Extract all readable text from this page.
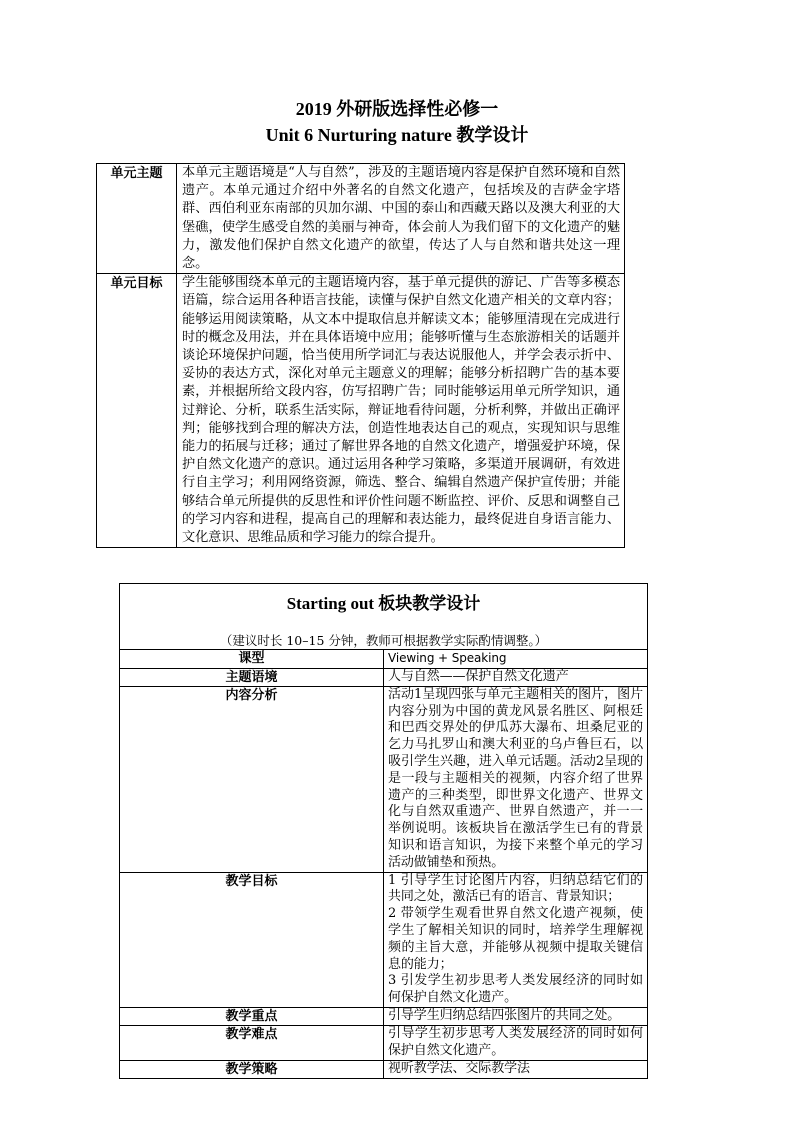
2019 外研版选择性必修一
Unit 6 Nurturing nature 教学设计
单元主题	本单元主题语境是“人与自然”，涉及的主题语境内容是保护自然环境和自然遗产。本单元通过介绍中外著名的自然文化遗产，包括埃及的吉萨金字塔群、西伯利亚东南部的贝加尔湖、中国的泰山和西藏天路以及澳大利亚的大堡礁，使学生感受自然的美丽与神奇，体会前人为我们留下的文化遗产的魅力，激发他们保护自然文化遗产的欲望，传达了人与自然和谐共处这一理念。
单元目标	学生能够围绕本单元的主题语境内容，基于单元提供的游记、广告等多模态语篇，综合运用各种语言技能，读懂与保护自然文化遗产相关的文章内容；能够运用阅读策略，从文本中提取信息并解读文本；能够厘清现在完成进行时的概念及用法，并在具体语境中应用；能够听懂与生态旅游相关的话题并谈论环境保护问题，恰当使用所学词汇与表达说服他人，并学会表示折中、妥协的表达方式，深化对单元主题意义的理解；能够分析招聘广告的基本要素，并根据所给文段内容，仿写招聘广告；同时能够运用单元所学知识，通过辩论、分析，联系生活实际，辩证地看待问题，分析利弊，并做出正确评判；能够找到合理的解决方法，创造性地表达自己的观点，实现知识与思维能力的拓展与迁移；通过了解世界各地的自然文化遗产，增强爱护环境，保护自然文化遗产的意识。通过运用各种学习策略，多渠道开展调研，有效进行自主学习；利用网络资源，筛选、整合、编辑自然遗产保护宣传册；并能够结合单元所提供的反思性和评价性问题不断监控、评价、反思和调整自己的学习内容和进程，提高自己的理解和表达能力，最终促进自身语言能力、文化意识、思维品质和学习能力的综合提升。
Starting out 板块教学设计
（建议时长 10–15 分钟，教师可根据教学实际酌情调整。）	

课型	Viewing + Speaking
主题语境	人与自然——保护自然文化遗产
内容分析	活动1呈现四张与单元主题相关的图片，图片内容分别为中国的黄龙风景名胜区、阿根廷和巴西交界处的伊瓜苏大瀑布、坦桑尼亚的乞力马扎罗山和澳大利亚的乌卢鲁巨石，以吸引学生兴趣，进入单元话题。活动2呈现的是一段与主题相关的视频，内容介绍了世界遗产的三种类型，即世界文化遗产、世界文化与自然双重遗产、世界自然遗产，并一一举例说明。该板块旨在激活学生已有的背景知识和语言知识，为接下来整个单元的学习活动做铺垫和预热。
教学目标	1 引导学生讨论图片内容，归纳总结它们的共同之处，激活已有的语言、背景知识；
2 带领学生观看世界自然文化遗产视频，使学生了解相关知识的同时，培养学生理解视频的主旨大意，并能够从视频中提取关键信息的能力；
3 引发学生初步思考人类发展经济的同时如何保护自然文化遗产。

教学重点	引导学生归纳总结四张图片的共同之处。
教学难点	引导学生初步思考人类发展经济的同时如何保护自然文化遗产。
教学策略	视听教学法、交际教学法
